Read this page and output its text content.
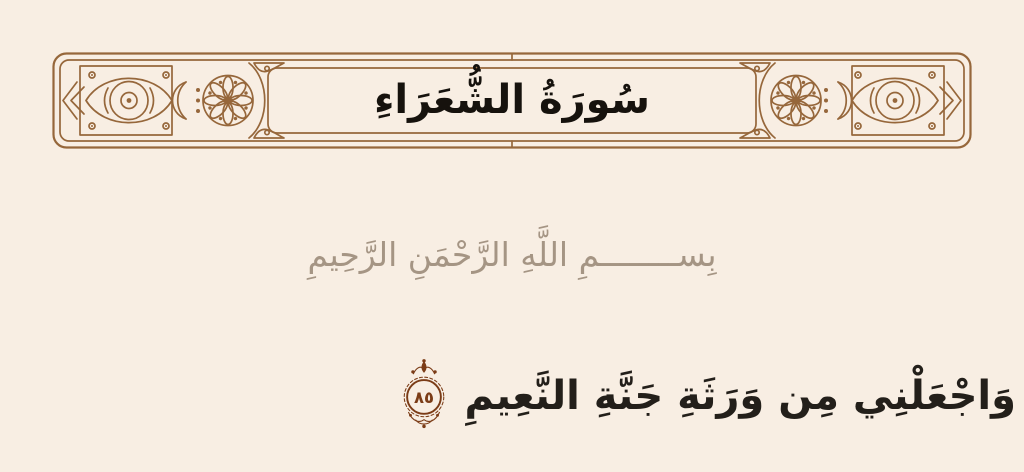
سُورَةُ الشُّعَرَاءِ
بِســــــــمِ اللَّهِ الرَّحْمَنِ الرَّحِيمِ
وَاجْعَلْنِي مِن وَرَثَةِ جَنَّةِ النَّعِيمِ
٨٥
